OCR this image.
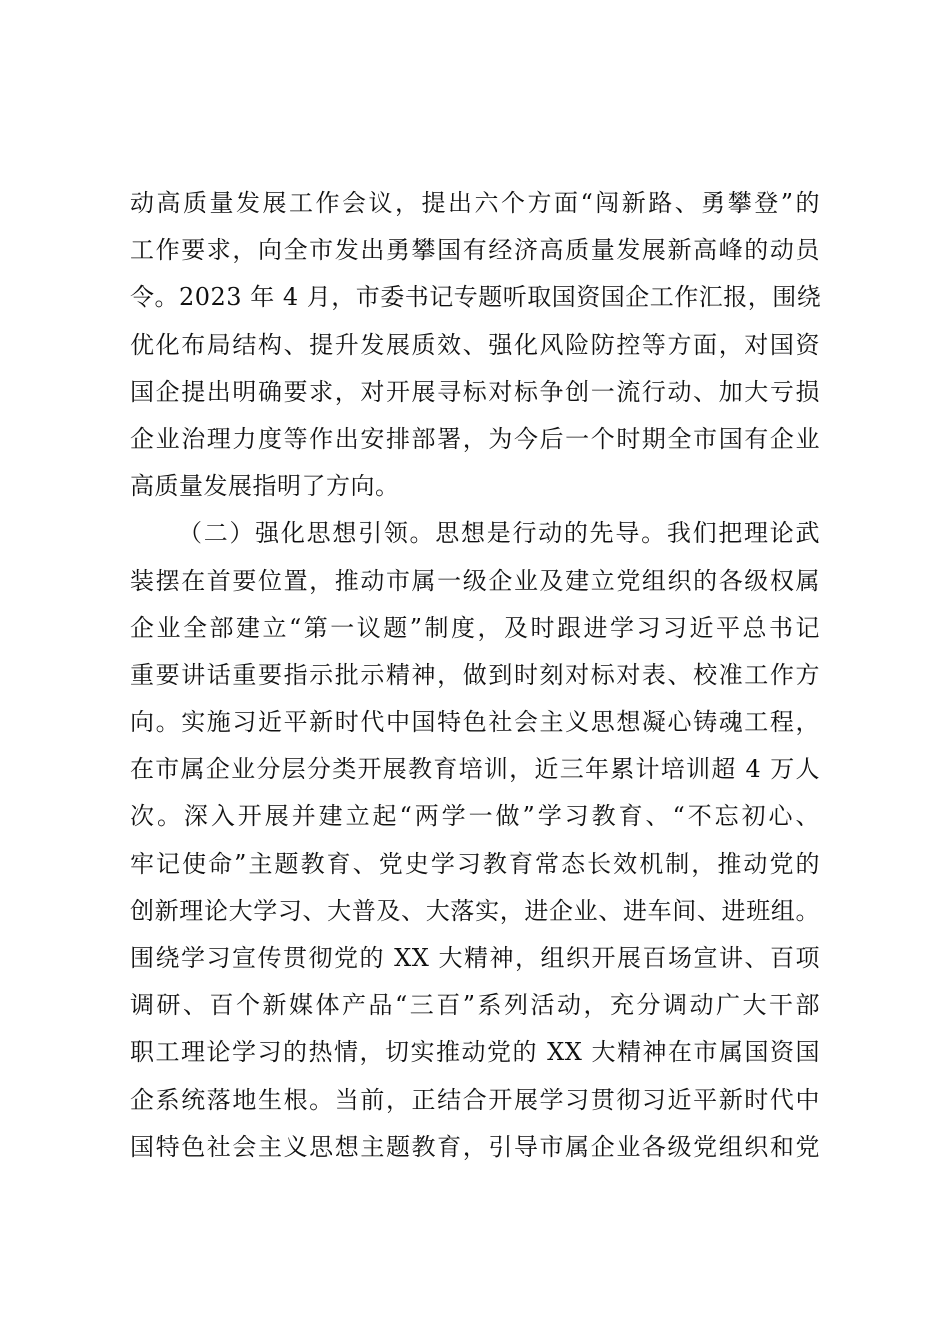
动高质量发展工作会议，提出六个方面“闯新路、勇攀登”的
工作要求，向全市发出勇攀国有经济高质量发展新高峰的动员
令。2023 年 4 月，市委书记专题听取国资国企工作汇报，围绕
优化布局结构、提升发展质效、强化风险防控等方面，对国资
国企提出明确要求，对开展寻标对标争创一流行动、加大亏损
企业治理力度等作出安排部署，为今后一个时期全市国有企业
高质量发展指明了方向。
（二）强化思想引领。思想是行动的先导。我们把理论武
装摆在首要位置，推动市属一级企业及建立党组织的各级权属
企业全部建立“第一议题”制度，及时跟进学习习近平总书记
重要讲话重要指示批示精神，做到时刻对标对表、校准工作方
向。实施习近平新时代中国特色社会主义思想凝心铸魂工程，
在市属企业分层分类开展教育培训，近三年累计培训超 4 万人
次。深入开展并建立起“两学一做”学习教育、“不忘初心、
牢记使命”主题教育、党史学习教育常态长效机制，推动党的
创新理论大学习、大普及、大落实，进企业、进车间、进班组。
围绕学习宣传贯彻党的 XX 大精神，组织开展百场宣讲、百项
调研、百个新媒体产品“三百”系列活动，充分调动广大干部
职工理论学习的热情，切实推动党的 XX 大精神在市属国资国
企系统落地生根。当前，正结合开展学习贯彻习近平新时代中
国特色社会主义思想主题教育，引导市属企业各级党组织和党
